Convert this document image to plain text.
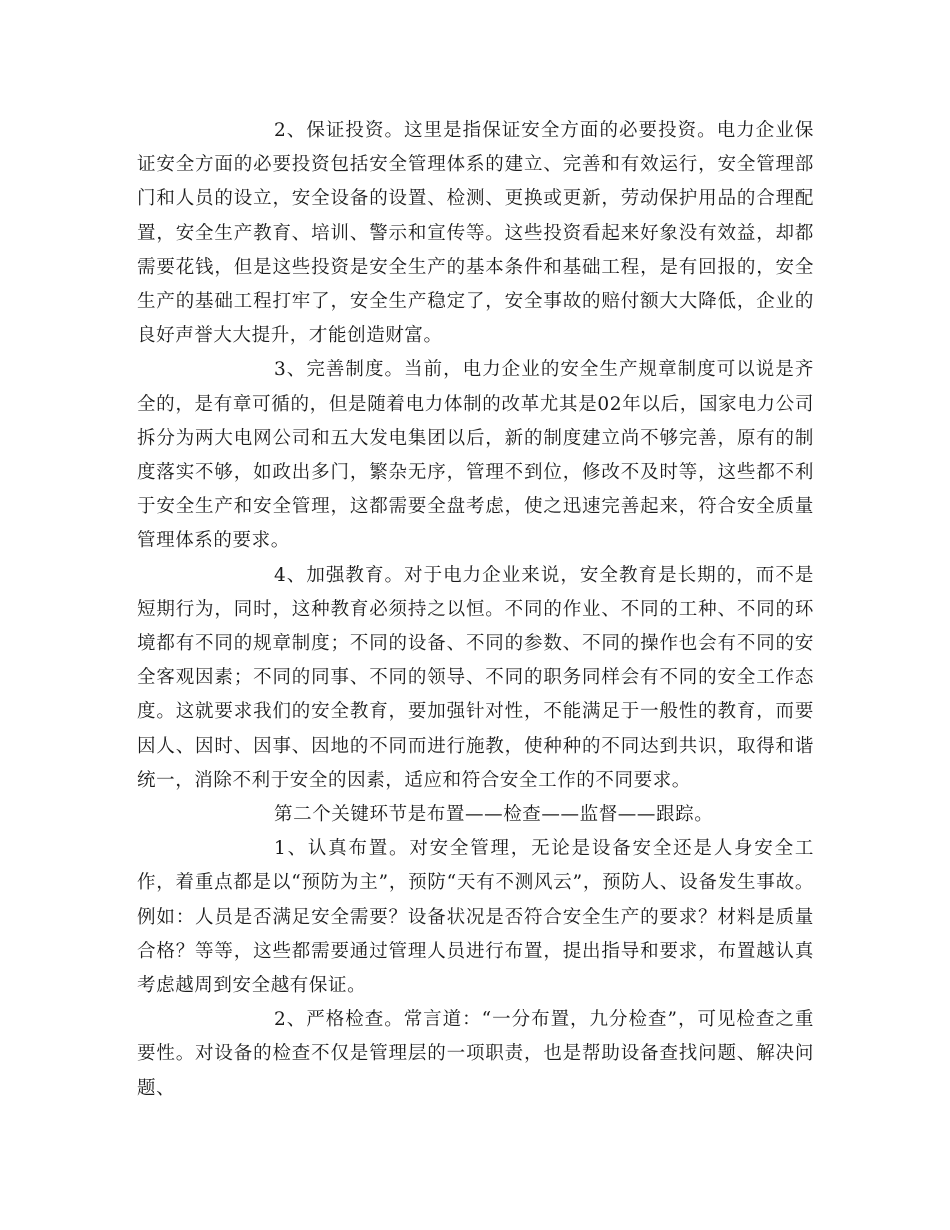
2、保证投资。这里是指保证安全方面的必要投资。电力企业保证安全方面的必要投资包括安全管理体系的建立、完善和有效运行，安全管理部门和人员的设立，安全设备的设置、检测、更换或更新，劳动保护用品的合理配置，安全生产教育、培训、警示和宣传等。这些投资看起来好象没有效益，却都需要花钱，但是这些投资是安全生产的基本条件和基础工程，是有回报的，安全生产的基础工程打牢了，安全生产稳定了，安全事故的赔付额大大降低，企业的良好声誉大大提升，才能创造财富。

3、完善制度。当前，电力企业的安全生产规章制度可以说是齐全的，是有章可循的，但是随着电力体制的改革尤其是02年以后，国家电力公司拆分为两大电网公司和五大发电集团以后，新的制度建立尚不够完善，原有的制度落实不够，如政出多门，繁杂无序，管理不到位，修改不及时等，这些都不利于安全生产和安全管理，这都需要全盘考虑，使之迅速完善起来，符合安全质量管理体系的要求。

4、加强教育。对于电力企业来说，安全教育是长期的，而不是短期行为，同时，这种教育必须持之以恒。不同的作业、不同的工种、不同的环境都有不同的规章制度；不同的设备、不同的参数、不同的操作也会有不同的安全客观因素；不同的同事、不同的领导、不同的职务同样会有不同的安全工作态度。这就要求我们的安全教育，要加强针对性，不能满足于一般性的教育，而要因人、因时、因事、因地的不同而进行施教，使种种的不同达到共识，取得和谐统一，消除不利于安全的因素，适应和符合安全工作的不同要求。

第二个关键环节是布置——检查——监督——跟踪。

1、认真布置。对安全管理，无论是设备安全还是人身安全工作，着重点都是以“预防为主”，预防“天有不测风云”，预防人、设备发生事故。例如：人员是否满足安全需要？设备状况是否符合安全生产的要求？材料是质量合格？等等，这些都需要通过管理人员进行布置，提出指导和要求，布置越认真考虑越周到安全越有保证。

2、严格检查。常言道：“一分布置，九分检查”，可见检查之重要性。对设备的检查不仅是管理层的一项职责，也是帮助设备查找问题、解决问题、
